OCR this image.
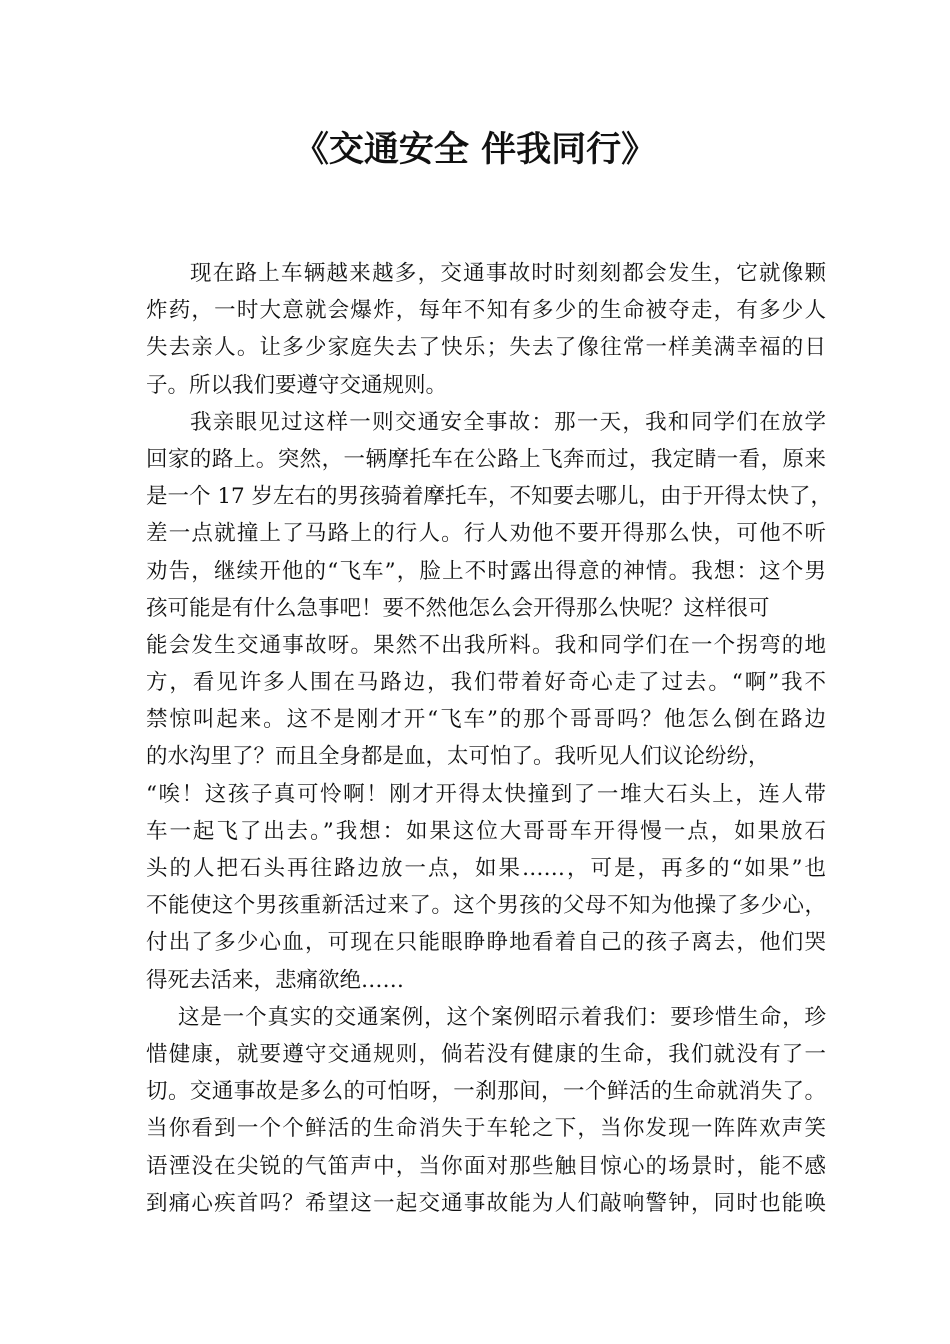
《交通安全 伴我同行》
现在路上车辆越来越多，交通事故时时刻刻都会发生，它就像颗
炸药，一时大意就会爆炸，每年不知有多少的生命被夺走，有多少人
失去亲人。让多少家庭失去了快乐；失去了像往常一样美满幸福的日
子。所以我们要遵守交通规则。
我亲眼见过这样一则交通安全事故：那一天，我和同学们在放学
回家的路上。突然，一辆摩托车在公路上飞奔而过，我定睛一看，原来
是一个 17 岁左右的男孩骑着摩托车，不知要去哪儿，由于开得太快了，
差一点就撞上了马路上的行人。行人劝他不要开得那么快，可他不听
劝告，继续开他的“飞车”，脸上不时露出得意的神情。我想：这个男
孩可能是有什么急事吧！要不然他怎么会开得那么快呢？这样很可
能会发生交通事故呀。果然不出我所料。我和同学们在一个拐弯的地
方，看见许多人围在马路边，我们带着好奇心走了过去。“啊”我不
禁惊叫起来。这不是刚才开“飞车”的那个哥哥吗？他怎么倒在路边
的水沟里了？而且全身都是血，太可怕了。我听见人们议论纷纷，
“唉！这孩子真可怜啊！刚才开得太快撞到了一堆大石头上，连人带
车一起飞了出去。”我想：如果这位大哥哥车开得慢一点，如果放石
头的人把石头再往路边放一点，如果……，可是，再多的“如果”也
不能使这个男孩重新活过来了。这个男孩的父母不知为他操了多少心，
付出了多少心血，可现在只能眼睁睁地看着自己的孩子离去，他们哭
得死去活来，悲痛欲绝……
这是一个真实的交通案例，这个案例昭示着我们：要珍惜生命，珍
惜健康，就要遵守交通规则，倘若没有健康的生命，我们就没有了一
切。交通事故是多么的可怕呀，一刹那间，一个鲜活的生命就消失了。
当你看到一个个鲜活的生命消失于车轮之下，当你发现一阵阵欢声笑
语湮没在尖锐的气笛声中，当你面对那些触目惊心的场景时，能不感
到痛心疾首吗？希望这一起交通事故能为人们敲响警钟，同时也能唤
